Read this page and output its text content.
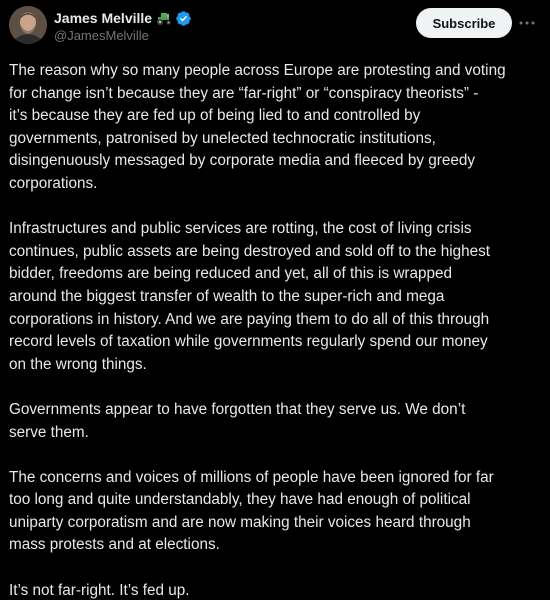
James Melville
@JamesMelville
Subscribe

The reason why so many people across Europe are protesting and voting
for change isn’t because they are “far-right” or “conspiracy theorists” -
it’s because they are fed up of being lied to and controlled by
governments, patronised by unelected technocratic institutions,
disingenuously messaged by corporate media and fleeced by greedy
corporations.

Infrastructures and public services are rotting, the cost of living crisis
continues, public assets are being destroyed and sold off to the highest
bidder, freedoms are being reduced and yet, all of this is wrapped
around the biggest transfer of wealth to the super-rich and mega
corporations in history. And we are paying them to do all of this through
record levels of taxation while governments regularly spend our money
on the wrong things.

Governments appear to have forgotten that they serve us. We don’t
serve them.

The concerns and voices of millions of people have been ignored for far
too long and quite understandably, they have had enough of political
uniparty corporatism and are now making their voices heard through
mass protests and at elections.

It’s not far-right. It’s fed up.
